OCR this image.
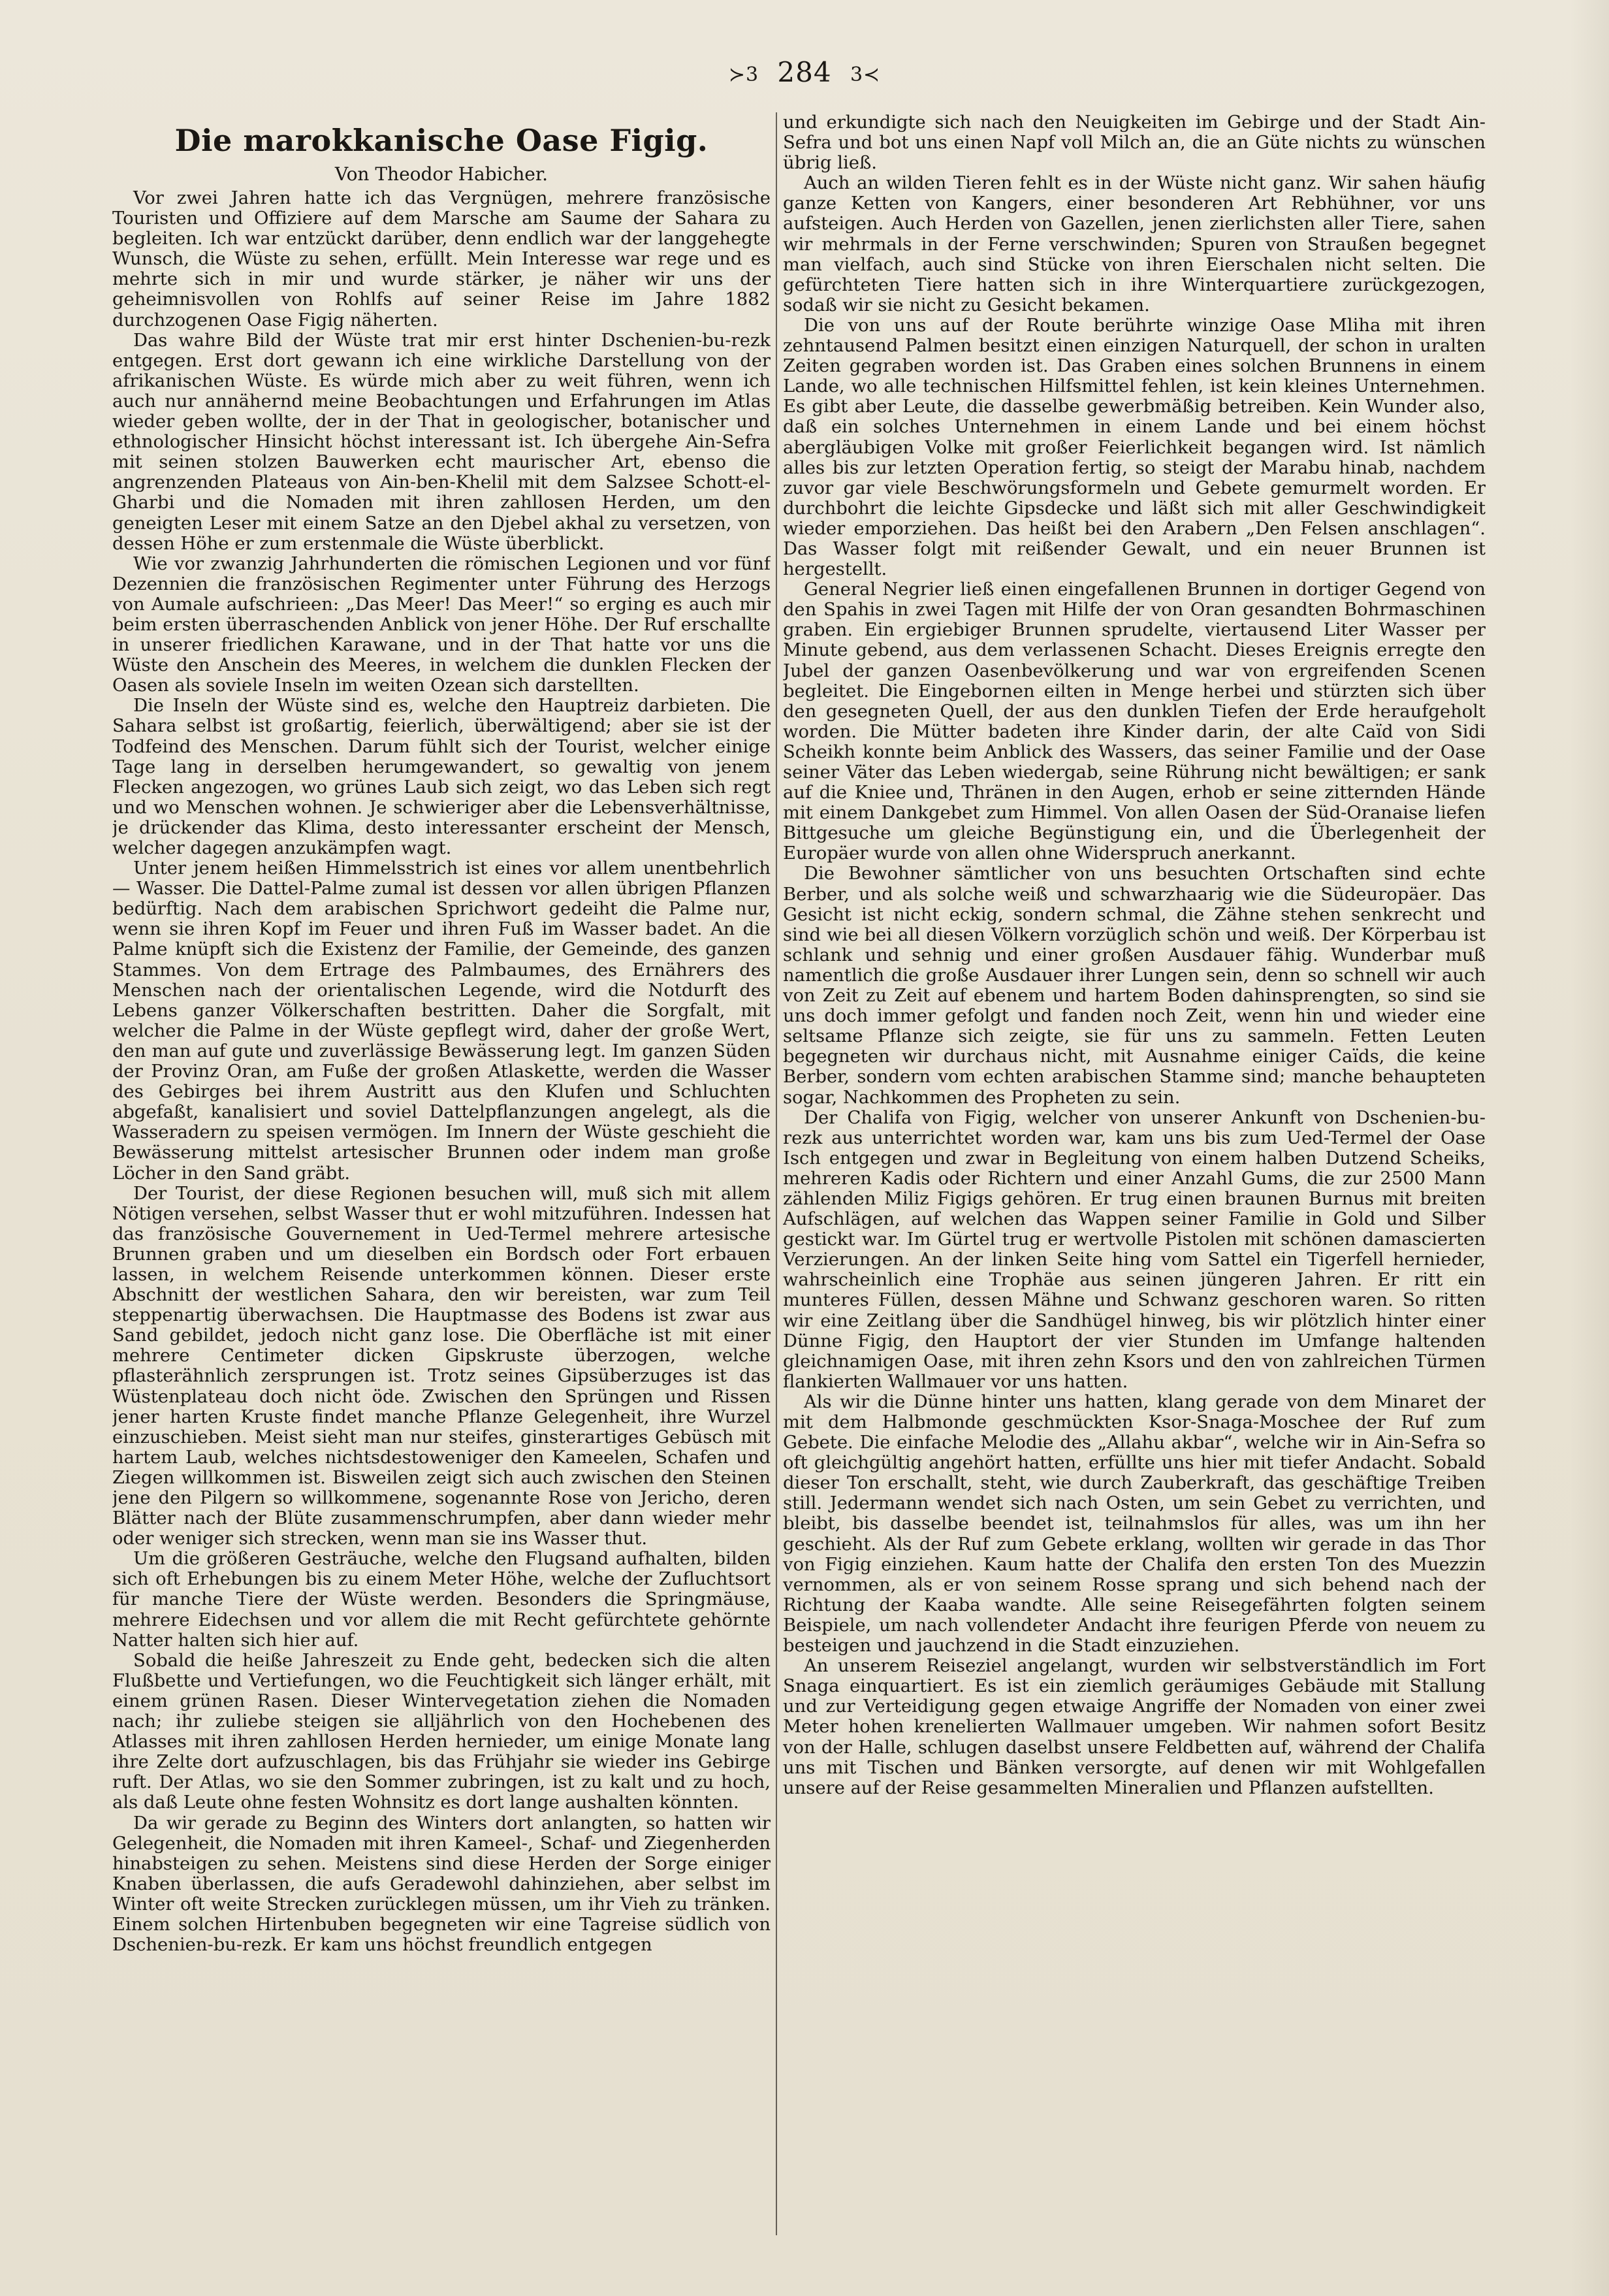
≻3 284 3≺
Die marokkanische Oase Figig.
Von Theodor Habicher.

Vor zwei Jahren hatte ich das Vergnügen, mehrere französische Touristen und Offiziere auf dem Marsche am Saume der Sahara zu begleiten. Ich war entzückt darüber, denn endlich war der langgehegte Wunsch, die Wüste zu sehen, erfüllt. Mein Interesse war rege und es mehrte sich in mir und wurde stärker, je näher wir uns der geheimnisvollen von Rohlfs auf seiner Reise im Jahre 1882 durchzogenen Oase Figig näherten.

Das wahre Bild der Wüste trat mir erst hinter Dschenien-bu-rezk entgegen. Erst dort gewann ich eine wirkliche Darstellung von der afrikanischen Wüste. Es würde mich aber zu weit führen, wenn ich auch nur annähernd meine Beobachtungen und Erfahrungen im Atlas wieder geben wollte, der in der That in geologischer, botanischer und ethnologischer Hinsicht höchst interessant ist. Ich übergehe Ain-Sefra mit seinen stolzen Bauwerken echt maurischer Art, ebenso die angrenzenden Plateaus von Ain-ben-Khelil mit dem Salzsee Schott-el-Gharbi und die Nomaden mit ihren zahllosen Herden, um den geneigten Leser mit einem Satze an den Djebel akhal zu versetzen, von dessen Höhe er zum erstenmale die Wüste überblickt.

Wie vor zwanzig Jahrhunderten die römischen Legionen und vor fünf Dezennien die französischen Regimenter unter Führung des Herzogs von Aumale aufschrieen: „Das Meer! Das Meer!“ so erging es auch mir beim ersten überraschenden Anblick von jener Höhe. Der Ruf erschallte in unserer friedlichen Karawane, und in der That hatte vor uns die Wüste den Anschein des Meeres, in welchem die dunklen Flecken der Oasen als soviele Inseln im weiten Ozean sich darstellten.

Die Inseln der Wüste sind es, welche den Hauptreiz darbieten. Die Sahara selbst ist großartig, feierlich, überwältigend; aber sie ist der Todfeind des Menschen. Darum fühlt sich der Tourist, welcher einige Tage lang in derselben herumgewandert, so gewaltig von jenem Flecken angezogen, wo grünes Laub sich zeigt, wo das Leben sich regt und wo Menschen wohnen. Je schwieriger aber die Lebensverhältnisse, je drückender das Klima, desto interessanter erscheint der Mensch, welcher dagegen anzukämpfen wagt.

Unter jenem heißen Himmelsstrich ist eines vor allem unentbehrlich — Wasser. Die Dattel-Palme zumal ist dessen vor allen übrigen Pflanzen bedürftig. Nach dem arabischen Sprichwort gedeiht die Palme nur, wenn sie ihren Kopf im Feuer und ihren Fuß im Wasser badet. An die Palme knüpft sich die Existenz der Familie, der Gemeinde, des ganzen Stammes. Von dem Ertrage des Palmbaumes, des Ernährers des Menschen nach der orientalischen Legende, wird die Notdurft des Lebens ganzer Völkerschaften bestritten. Daher die Sorgfalt, mit welcher die Palme in der Wüste gepflegt wird, daher der große Wert, den man auf gute und zuverlässige Bewässerung legt. Im ganzen Süden der Provinz Oran, am Fuße der großen Atlaskette, werden die Wasser des Gebirges bei ihrem Austritt aus den Klufen und Schluchten abgefaßt, kanalisiert und soviel Dattelpflanzungen angelegt, als die Wasseradern zu speisen vermögen. Im Innern der Wüste geschieht die Bewässerung mittelst artesischer Brunnen oder indem man große Löcher in den Sand gräbt.

Der Tourist, der diese Regionen besuchen will, muß sich mit allem Nötigen versehen, selbst Wasser thut er wohl mitzuführen. Indessen hat das französische Gouvernement in Ued-Termel mehrere artesische Brunnen graben und um dieselben ein Bordsch oder Fort erbauen lassen, in welchem Reisende unterkommen können. Dieser erste Abschnitt der westlichen Sahara, den wir bereisten, war zum Teil steppenartig überwachsen. Die Hauptmasse des Bodens ist zwar aus Sand gebildet, jedoch nicht ganz lose. Die Oberfläche ist mit einer mehrere Centimeter dicken Gipskruste überzogen, welche pflasterähnlich zersprungen ist. Trotz seines Gipsüberzuges ist das Wüstenplateau doch nicht öde. Zwischen den Sprüngen und Rissen jener harten Kruste findet manche Pflanze Gelegenheit, ihre Wurzel einzuschieben. Meist sieht man nur steifes, ginsterartiges Gebüsch mit hartem Laub, welches nichtsdestoweniger den Kameelen, Schafen und Ziegen willkommen ist. Bisweilen zeigt sich auch zwischen den Steinen jene den Pilgern so willkommene, sogenannte Rose von Jericho, deren Blätter nach der Blüte zusammenschrumpfen, aber dann wieder mehr oder weniger sich strecken, wenn man sie ins Wasser thut.

Um die größeren Gesträuche, welche den Flugsand aufhalten, bilden sich oft Erhebungen bis zu einem Meter Höhe, welche der Zufluchtsort für manche Tiere der Wüste werden. Besonders die Springmäuse, mehrere Eidechsen und vor allem die mit Recht gefürchtete gehörnte Natter halten sich hier auf.

Sobald die heiße Jahreszeit zu Ende geht, bedecken sich die alten Flußbette und Vertiefungen, wo die Feuchtigkeit sich länger erhält, mit einem grünen Rasen. Dieser Wintervegetation ziehen die Nomaden nach; ihr zuliebe steigen sie alljährlich von den Hochebenen des Atlasses mit ihren zahllosen Herden hernieder, um einige Monate lang ihre Zelte dort aufzuschlagen, bis das Frühjahr sie wieder ins Gebirge ruft. Der Atlas, wo sie den Sommer zubringen, ist zu kalt und zu hoch, als daß Leute ohne festen Wohnsitz es dort lange aushalten könnten.

Da wir gerade zu Beginn des Winters dort anlangten, so hatten wir Gelegenheit, die Nomaden mit ihren Kameel-, Schaf- und Ziegenherden hinabsteigen zu sehen. Meistens sind diese Herden der Sorge einiger Knaben überlassen, die aufs Geradewohl dahinziehen, aber selbst im Winter oft weite Strecken zurücklegen müssen, um ihr Vieh zu tränken. Einem solchen Hirtenbuben begegneten wir eine Tagreise südlich von Dschenien-bu-rezk. Er kam uns höchst freundlich entgegen

und erkundigte sich nach den Neuigkeiten im Gebirge und der Stadt Ain-Sefra und bot uns einen Napf voll Milch an, die an Güte nichts zu wünschen übrig ließ.

Auch an wilden Tieren fehlt es in der Wüste nicht ganz. Wir sahen häufig ganze Ketten von Kangers, einer besonderen Art Rebhühner, vor uns aufsteigen. Auch Herden von Gazellen, jenen zierlichsten aller Tiere, sahen wir mehrmals in der Ferne verschwinden; Spuren von Straußen begegnet man vielfach, auch sind Stücke von ihren Eierschalen nicht selten. Die gefürchteten Tiere hatten sich in ihre Winterquartiere zurückgezogen, sodaß wir sie nicht zu Gesicht bekamen.

Die von uns auf der Route berührte winzige Oase Mliha mit ihren zehntausend Palmen besitzt einen einzigen Naturquell, der schon in uralten Zeiten gegraben worden ist. Das Graben eines solchen Brunnens in einem Lande, wo alle technischen Hilfsmittel fehlen, ist kein kleines Unternehmen. Es gibt aber Leute, die dasselbe gewerbmäßig betreiben. Kein Wunder also, daß ein solches Unternehmen in einem Lande und bei einem höchst abergläubigen Volke mit großer Feierlichkeit begangen wird. Ist nämlich alles bis zur letzten Operation fertig, so steigt der Marabu hinab, nachdem zuvor gar viele Beschwörungsformeln und Gebete gemurmelt worden. Er durchbohrt die leichte Gipsdecke und läßt sich mit aller Geschwindigkeit wieder emporziehen. Das heißt bei den Arabern „Den Felsen anschlagen“. Das Wasser folgt mit reißender Gewalt, und ein neuer Brunnen ist hergestellt.

General Negrier ließ einen eingefallenen Brunnen in dortiger Gegend von den Spahis in zwei Tagen mit Hilfe der von Oran gesandten Bohrmaschinen graben. Ein ergiebiger Brunnen sprudelte, viertausend Liter Wasser per Minute gebend, aus dem verlassenen Schacht. Dieses Ereignis erregte den Jubel der ganzen Oasenbevölkerung und war von ergreifenden Scenen begleitet. Die Eingebornen eilten in Menge herbei und stürzten sich über den gesegneten Quell, der aus den dunklen Tiefen der Erde heraufgeholt worden. Die Mütter badeten ihre Kinder darin, der alte Caïd von Sidi Scheikh konnte beim Anblick des Wassers, das seiner Familie und der Oase seiner Väter das Leben wiedergab, seine Rührung nicht bewältigen; er sank auf die Kniee und, Thränen in den Augen, erhob er seine zitternden Hände mit einem Dankgebet zum Himmel. Von allen Oasen der Süd-Oranaise liefen Bittgesuche um gleiche Begünstigung ein, und die Überlegenheit der Europäer wurde von allen ohne Widerspruch anerkannt.

Die Bewohner sämtlicher von uns besuchten Ortschaften sind echte Berber, und als solche weiß und schwarzhaarig wie die Südeuropäer. Das Gesicht ist nicht eckig, sondern schmal, die Zähne stehen senkrecht und sind wie bei all diesen Völkern vorzüglich schön und weiß. Der Körperbau ist schlank und sehnig und einer großen Ausdauer fähig. Wunderbar muß namentlich die große Ausdauer ihrer Lungen sein, denn so schnell wir auch von Zeit zu Zeit auf ebenem und hartem Boden dahinsprengten, so sind sie uns doch immer gefolgt und fanden noch Zeit, wenn hin und wieder eine seltsame Pflanze sich zeigte, sie für uns zu sammeln. Fetten Leuten begegneten wir durchaus nicht, mit Ausnahme einiger Caïds, die keine Berber, sondern vom echten arabischen Stamme sind; manche behaupteten sogar, Nachkommen des Propheten zu sein.

Der Chalifa von Figig, welcher von unserer Ankunft von Dschenien-bu-rezk aus unterrichtet worden war, kam uns bis zum Ued-Termel der Oase Isch entgegen und zwar in Begleitung von einem halben Dutzend Scheiks, mehreren Kadis oder Richtern und einer Anzahl Gums, die zur 2500 Mann zählenden Miliz Figigs gehören. Er trug einen braunen Burnus mit breiten Aufschlägen, auf welchen das Wappen seiner Familie in Gold und Silber gestickt war. Im Gürtel trug er wertvolle Pistolen mit schönen damascierten Verzierungen. An der linken Seite hing vom Sattel ein Tigerfell hernieder, wahrscheinlich eine Trophäe aus seinen jüngeren Jahren. Er ritt ein munteres Füllen, dessen Mähne und Schwanz geschoren waren. So ritten wir eine Zeitlang über die Sandhügel hinweg, bis wir plötzlich hinter einer Dünne Figig, den Hauptort der vier Stunden im Umfange haltenden gleichnamigen Oase, mit ihren zehn Ksors und den von zahlreichen Türmen flankierten Wallmauer vor uns hatten.

Als wir die Dünne hinter uns hatten, klang gerade von dem Minaret der mit dem Halbmonde geschmückten Ksor-Snaga-Moschee der Ruf zum Gebete. Die einfache Melodie des „Allahu akbar“, welche wir in Ain-Sefra so oft gleichgültig angehört hatten, erfüllte uns hier mit tiefer Andacht. Sobald dieser Ton erschallt, steht, wie durch Zauberkraft, das geschäftige Treiben still. Jedermann wendet sich nach Osten, um sein Gebet zu verrichten, und bleibt, bis dasselbe beendet ist, teilnahmslos für alles, was um ihn her geschieht. Als der Ruf zum Gebete erklang, wollten wir gerade in das Thor von Figig einziehen. Kaum hatte der Chalifa den ersten Ton des Muezzin vernommen, als er von seinem Rosse sprang und sich behend nach der Richtung der Kaaba wandte. Alle seine Reisegefährten folgten seinem Beispiele, um nach vollendeter Andacht ihre feurigen Pferde von neuem zu besteigen und jauchzend in die Stadt einzuziehen.

An unserem Reiseziel angelangt, wurden wir selbstverständlich im Fort Snaga einquartiert. Es ist ein ziemlich geräumiges Gebäude mit Stallung und zur Verteidigung gegen etwaige Angriffe der Nomaden von einer zwei Meter hohen krenelierten Wallmauer umgeben. Wir nahmen sofort Besitz von der Halle, schlugen daselbst unsere Feldbetten auf, während der Chalifa uns mit Tischen und Bänken versorgte, auf denen wir mit Wohlgefallen unsere auf der Reise gesammelten Mineralien und Pflanzen aufstellten.
